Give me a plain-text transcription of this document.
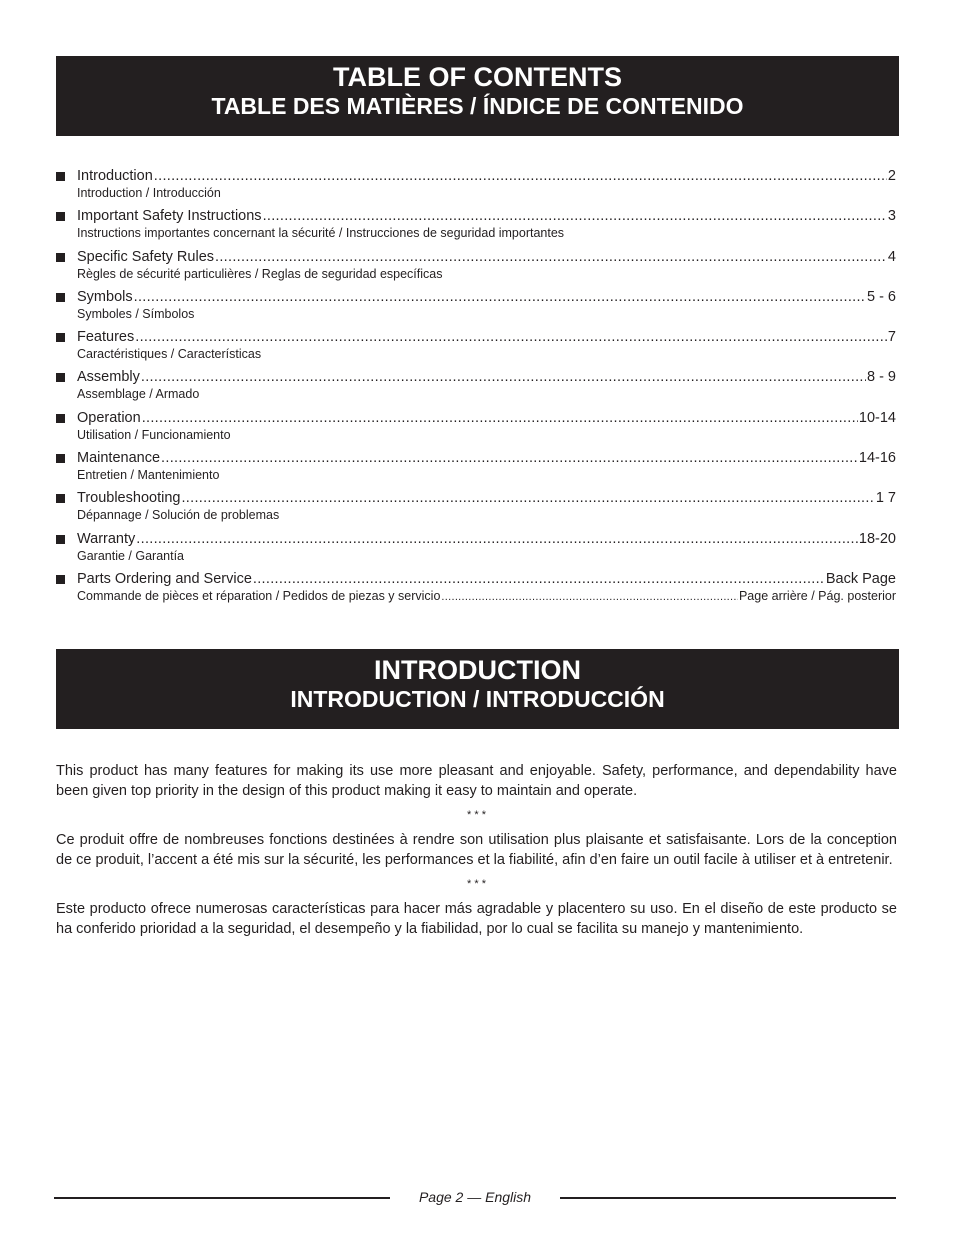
TABLE OF CONTENTS
TABLE DES MATIÈRES / ÍNDICE DE CONTENIDO
Introduction .....	2
Introduction / Introducción
Important Safety Instructions .....	3
Instructions importantes concernant la sécurité / Instrucciones de seguridad importantes
Specific Safety Rules .....	4
Règles de sécurité particulières / Reglas de seguridad específicas
Symbols .....	5 - 6
Symboles / Símbolos
Features .....	7
Caractéristiques / Características
Assembly .....	8 - 9
Assemblage / Armado
Operation .....	10-14
Utilisation / Funcionamiento
Maintenance .....	14-16
Entretien / Mantenimiento
Troubleshooting .....	1 7
Dépannage / Solución de problemas
Warranty .....	18-20
Garantie / Garantía
Parts Ordering and Service .....	Back Page
Commande de pièces et réparation / Pedidos de piezas y servicio .....	Page arrière / Pág. posterior
INTRODUCTION
INTRODUCTION / INTRODUCCIÓN

This product has many features for making its use more pleasant and enjoyable. Safety, performance, and dependability have been given top priority in the design of this product making it easy to maintain and operate.

* * *

Ce produit offre de nombreuses fonctions destinées à rendre son utilisation plus plaisante et satisfaisante. Lors de la conception de ce produit, l’accent a été mis sur la sécurité, les performances et la fiabilité, afin d’en faire un outil facile à utiliser et à entretenir.

* * *

Este producto ofrece numerosas características para hacer más agradable y placentero su uso. En el diseño de este producto se ha conferido prioridad a la seguridad, el desempeño y la fiabilidad, por lo cual se facilita su manejo y mantenimiento.

Page 2 — English
